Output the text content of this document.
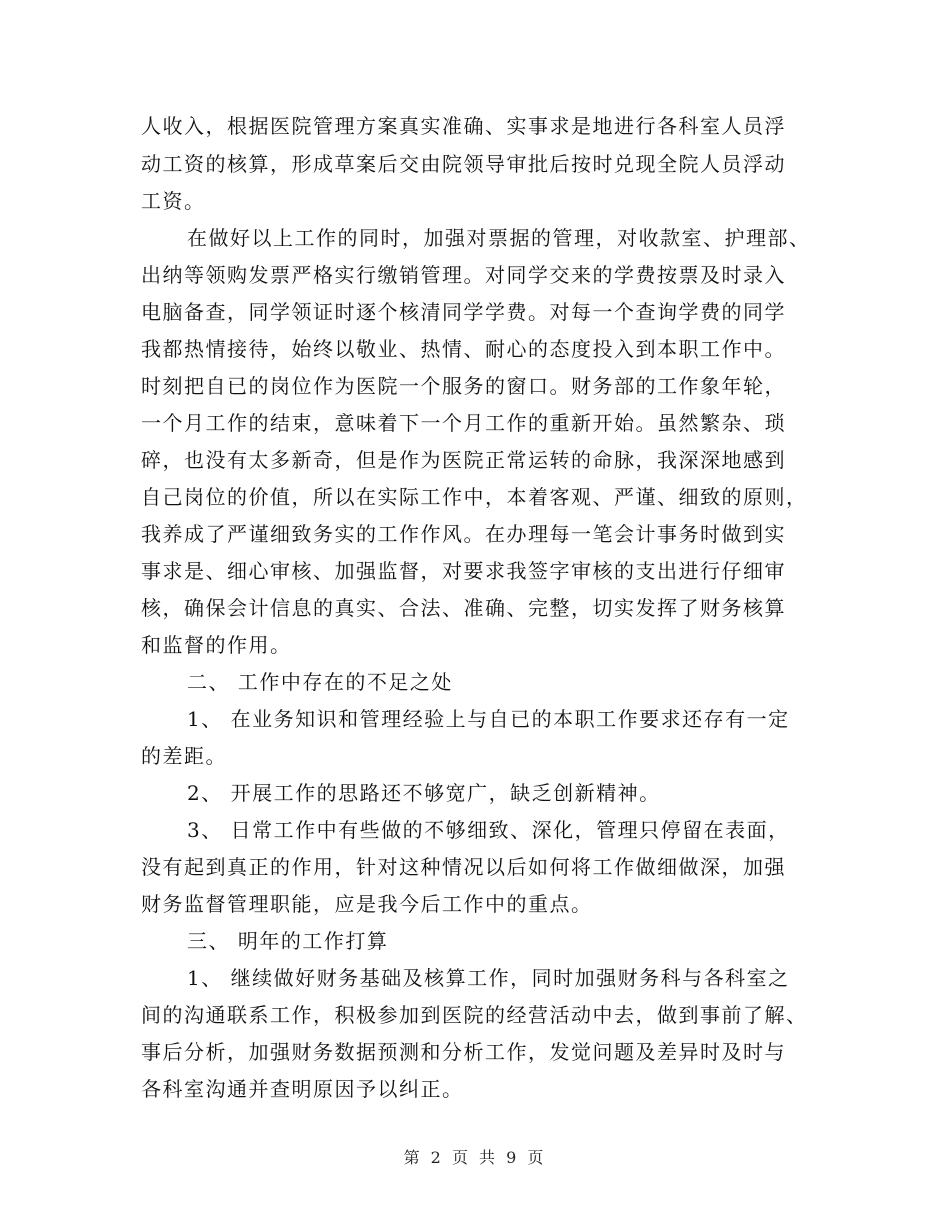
人收入，根据医院管理方案真实准确、实事求是地进行各科室人员浮
动工资的核算，形成草案后交由院领导审批后按时兑现全院人员浮动
工资。
在做好以上工作的同时，加强对票据的管理，对收款室、护理部、
出纳等领购发票严格实行缴销管理。对同学交来的学费按票及时录入
电脑备查，同学领证时逐个核清同学学费。对每一个查询学费的同学
我都热情接待，始终以敬业、热情、耐心的态度投入到本职工作中。
时刻把自已的岗位作为医院一个服务的窗口。财务部的工作象年轮，
一个月工作的结束，意味着下一个月工作的重新开始。虽然繁杂、琐
碎，也没有太多新奇，但是作为医院正常运转的命脉，我深深地感到
自己岗位的价值，所以在实际工作中，本着客观、严谨、细致的原则，
我养成了严谨细致务实的工作作风。在办理每一笔会计事务时做到实
事求是、细心审核、加强监督，对要求我签字审核的支出进行仔细审
核，确保会计信息的真实、合法、准确、完整，切实发挥了财务核算
和监督的作用。
二、 工作中存在的不足之处
1、 在业务知识和管理经验上与自已的本职工作要求还存有一定
的差距。
2、 开展工作的思路还不够宽广，缺乏创新精神。
3、 日常工作中有些做的不够细致、深化，管理只停留在表面，
没有起到真正的作用，针对这种情况以后如何将工作做细做深，加强
财务监督管理职能，应是我今后工作中的重点。
三、 明年的工作打算
1、 继续做好财务基础及核算工作，同时加强财务科与各科室之
间的沟通联系工作，积极参加到医院的经营活动中去，做到事前了解、
事后分析，加强财务数据预测和分析工作，发觉问题及差异时及时与
各科室沟通并查明原因予以纠正。
第 2 页 共 9 页
